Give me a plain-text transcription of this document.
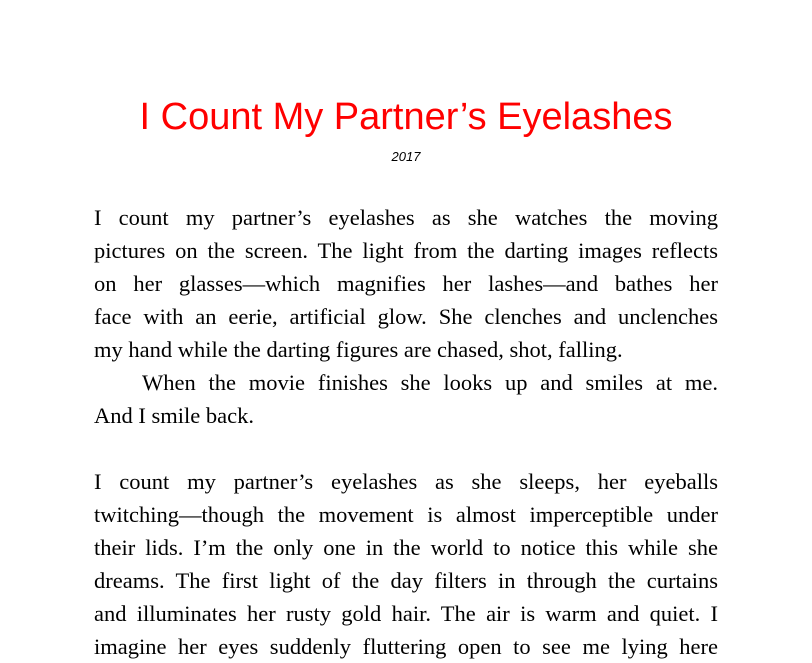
I Count My Partner’s Eyelashes
2017
I count my partner’s eyelashes as she watches the moving
pictures on the screen. The light from the darting images reflects
on her glasses—which magnifies her lashes—and bathes her
face with an eerie, artificial glow. She clenches and unclenches
my hand while the darting figures are chased, shot, falling.
When the movie finishes she looks up and smiles at me.
And I smile back.
I count my partner’s eyelashes as she sleeps, her eyeballs
twitching—though the movement is almost imperceptible under
their lids. I’m the only one in the world to notice this while she
dreams. The first light of the day filters in through the curtains
and illuminates her rusty gold hair. The air is warm and quiet. I
imagine her eyes suddenly fluttering open to see me lying here
